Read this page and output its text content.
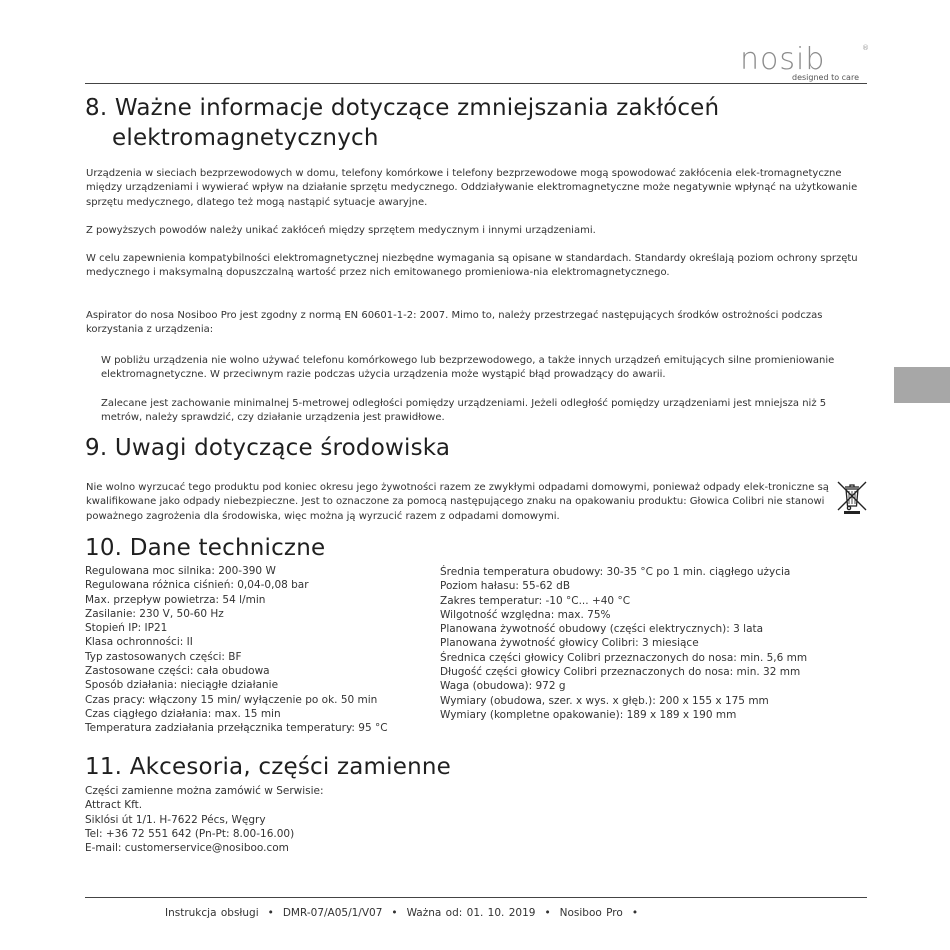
nosib	®
designed to care
8. Ważne informacje dotyczące zmniejszania zakłóceń
elektromagnetycznych
Urządzenia w sieciach bezprzewodowych w domu, telefony komórkowe i telefony bezprzewodowe mogą spowodować zakłócenia elek-tromagnetyczne między urządzeniami i wywierać wpływ na działanie sprzętu medycznego. Oddziaływanie elektromagnetyczne może negatywnie wpłynąć na użytkowanie sprzętu medycznego, dlatego też mogą nastąpić sytuacje awaryjne.
Z powyższych powodów należy unikać zakłóceń między sprzętem medycznym i innymi urządzeniami.
W celu zapewnienia kompatybilności elektromagnetycznej niezbędne wymagania są opisane w standardach. Standardy określają poziom ochrony sprzętu medycznego i maksymalną dopuszczalną wartość przez nich emitowanego promieniowa-nia elektromagnetycznego.
Aspirator do nosa Nosiboo Pro jest zgodny z normą EN 60601-1-2: 2007. Mimo to, należy przestrzegać następujących środków ostrożności podczas korzystania z urządzenia:
W pobliżu urządzenia nie wolno używać telefonu komórkowego lub bezprzewodowego, a także innych urządzeń emitujących silne promieniowanie elektromagnetyczne. W przeciwnym razie podczas użycia urządzenia może wystąpić błąd prowadzący do awarii.
Zalecane jest zachowanie minimalnej 5-metrowej odległości pomiędzy urządzeniami. Jeżeli odległość pomiędzy urządzeniami jest mniejsza niż 5 metrów, należy sprawdzić, czy działanie urządzenia jest prawidłowe.
9. Uwagi dotyczące środowiska
Nie wolno wyrzucać tego produktu pod koniec okresu jego żywotności razem ze zwykłymi odpadami domowymi, ponieważ odpady elek-troniczne są kwalifikowane jako odpady niebezpieczne. Jest to oznaczone za pomocą następującego znaku na opakowaniu produktu: Głowica Colibri nie stanowi poważnego zagrożenia dla środowiska, więc można ją wyrzucić razem z odpadami domowymi.
10. Dane techniczne
Regulowana moc silnika: 200-390 W
Regulowana różnica ciśnień: 0,04-0,08 bar
Max. przepływ powietrza: 54 l/min
Zasilanie: 230 V, 50-60 Hz
Stopień IP: IP21
Klasa ochronności: II
Typ zastosowanych części: BF
Zastosowane części: cała obudowa
Sposób działania: nieciągłe działanie
Czas pracy: włączony 15 min/ wyłączenie po ok. 50 min
Czas ciągłego działania: max. 15 min
Temperatura zadziałania przełącznika temperatury: 95 °C
Średnia temperatura obudowy: 30-35 °C po 1 min. ciągłego użycia
Poziom hałasu: 55-62 dB
Zakres temperatur: -10 °C... +40 °C
Wilgotność względna: max. 75%
Planowana żywotność obudowy (części elektrycznych): 3 lata
Planowana żywotność głowicy Colibri: 3 miesiące
Średnica części głowicy Colibri przeznaczonych do nosa: min. 5,6 mm
Długość części głowicy Colibri przeznaczonych do nosa: min. 32 mm
Waga (obudowa): 972 g
Wymiary (obudowa, szer. x wys. x głęb.): 200 x 155 x 175 mm
Wymiary (kompletne opakowanie): 189 x 189 x 190 mm
11. Akcesoria, części zamienne
Części zamienne można zamówić w Serwisie:
Attract Kft.
Siklósi út 1/1. H-7622 Pécs, Węgry
Tel: +36 72 551 642 (Pn-Pt: 8.00-16.00)
E-mail: customerservice@nosiboo.com
Instrukcja obsługi • DMR-07/A05/1/V07 • Ważna od: 01. 10. 2019 • Nosiboo Pro •
